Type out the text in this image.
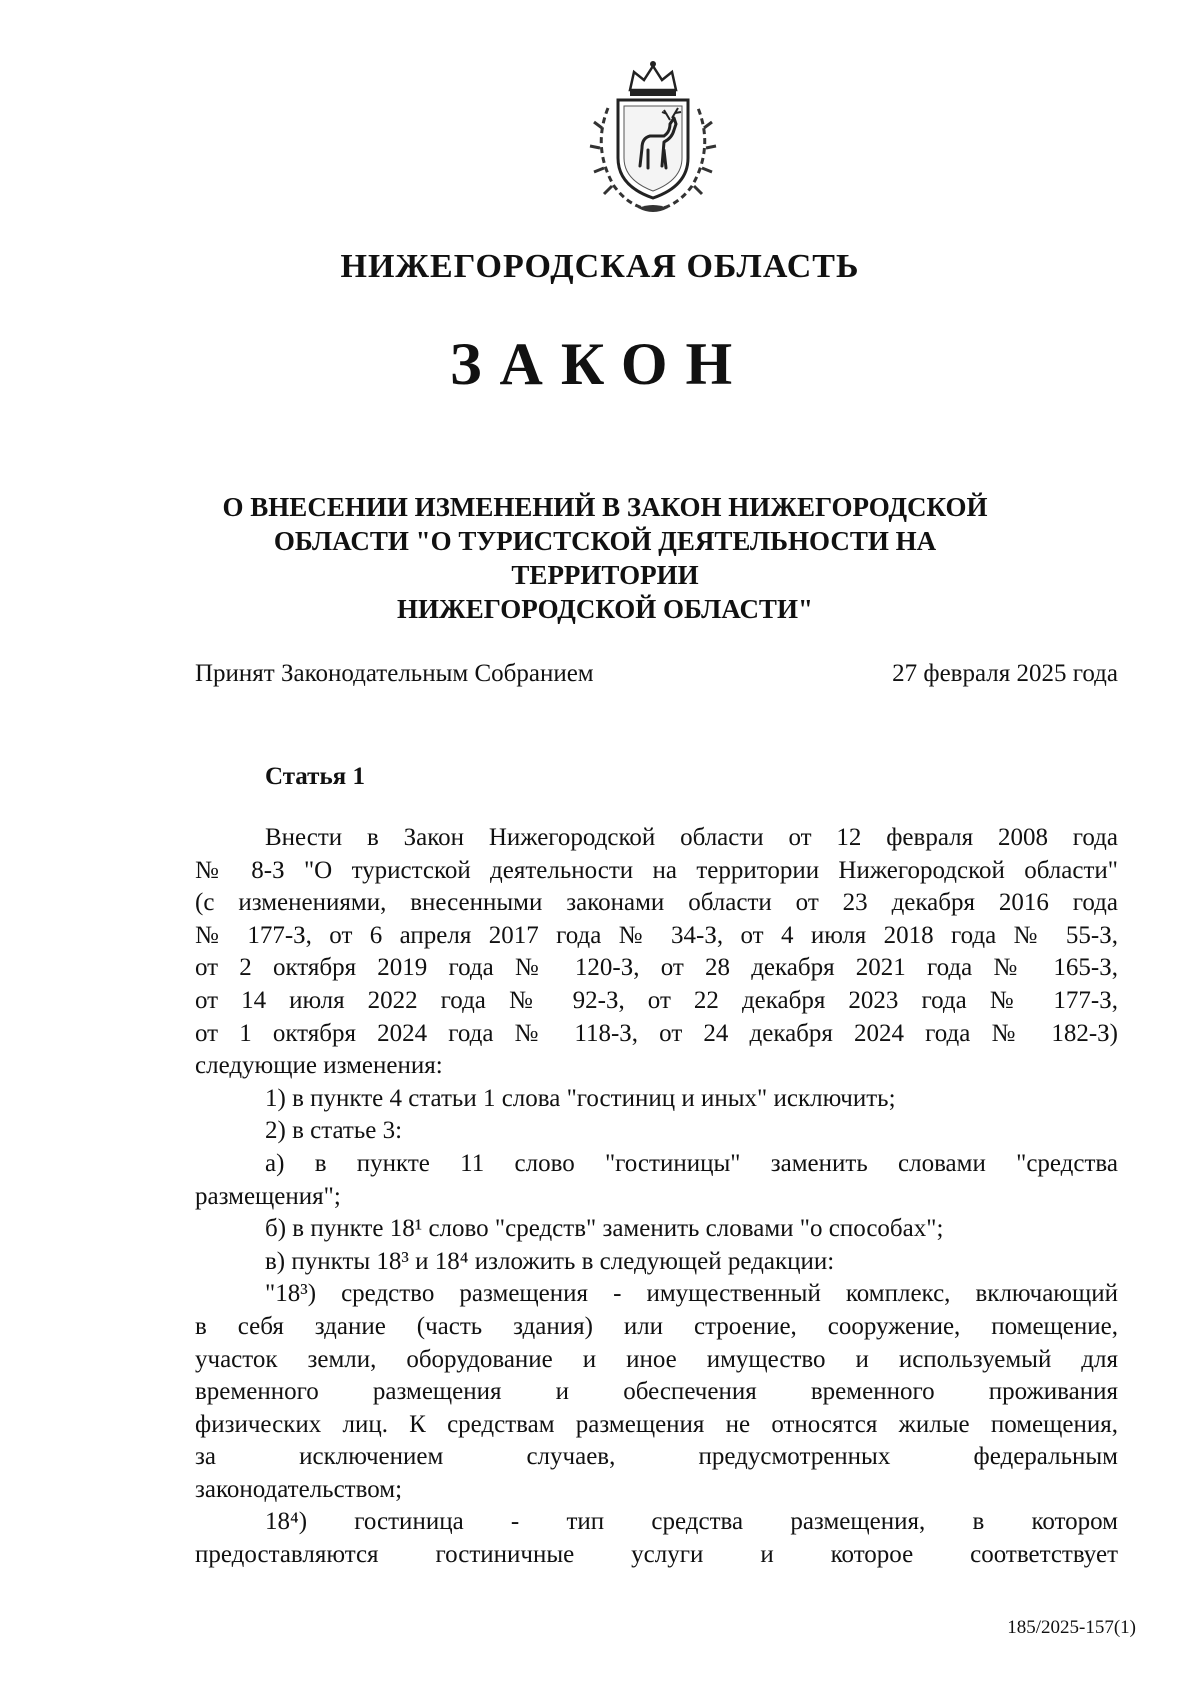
НИЖЕГОРОДСКАЯ ОБЛАСТЬ
ЗАКОН
О ВНЕСЕНИИ ИЗМЕНЕНИЙ В ЗАКОН НИЖЕГОРОДСКОЙ
ОБЛАСТИ "О ТУРИСТСКОЙ ДЕЯТЕЛЬНОСТИ НА ТЕРРИТОРИИ
НИЖЕГОРОДСКОЙ ОБЛАСТИ"
Принят Законодательным Собранием	27 февраля 2025 года
Статья 1

Внести в Закон Нижегородской области от 12 февраля 2008 года

№ 8-З "О туристской деятельности на территории Нижегородской области"

(с изменениями, внесенными законами области от 23 декабря 2016 года

№ 177-З, от 6 апреля 2017 года № 34-З, от 4 июля 2018 года № 55-З,

от 2 октября 2019 года № 120-З, от 28 декабря 2021 года № 165-З,

от 14 июля 2022 года № 92-З, от 22 декабря 2023 года № 177-З,

от 1 октября 2024 года № 118-З, от 24 декабря 2024 года № 182-З)

следующие изменения:

1) в пункте 4 статьи 1 слова "гостиниц и иных" исключить;

2) в статье 3:

а) в пункте 11 слово "гостиницы" заменить словами "средства

размещения";

б) в пункте 18¹ слово "средств" заменить словами "о способах";

в) пункты 18³ и 18⁴ изложить в следующей редакции:

"18³) средство размещения - имущественный комплекс, включающий

в себя здание (часть здания) или строение, сооружение, помещение,

участок земли, оборудование и иное имущество и используемый для

временного размещения и обеспечения временного проживания

физических лиц. К средствам размещения не относятся жилые помещения,

за исключением случаев, предусмотренных федеральным

законодательством;

18⁴) гостиница - тип средства размещения, в котором

предоставляются гостиничные услуги и которое соответствует

185/2025-157(1)
